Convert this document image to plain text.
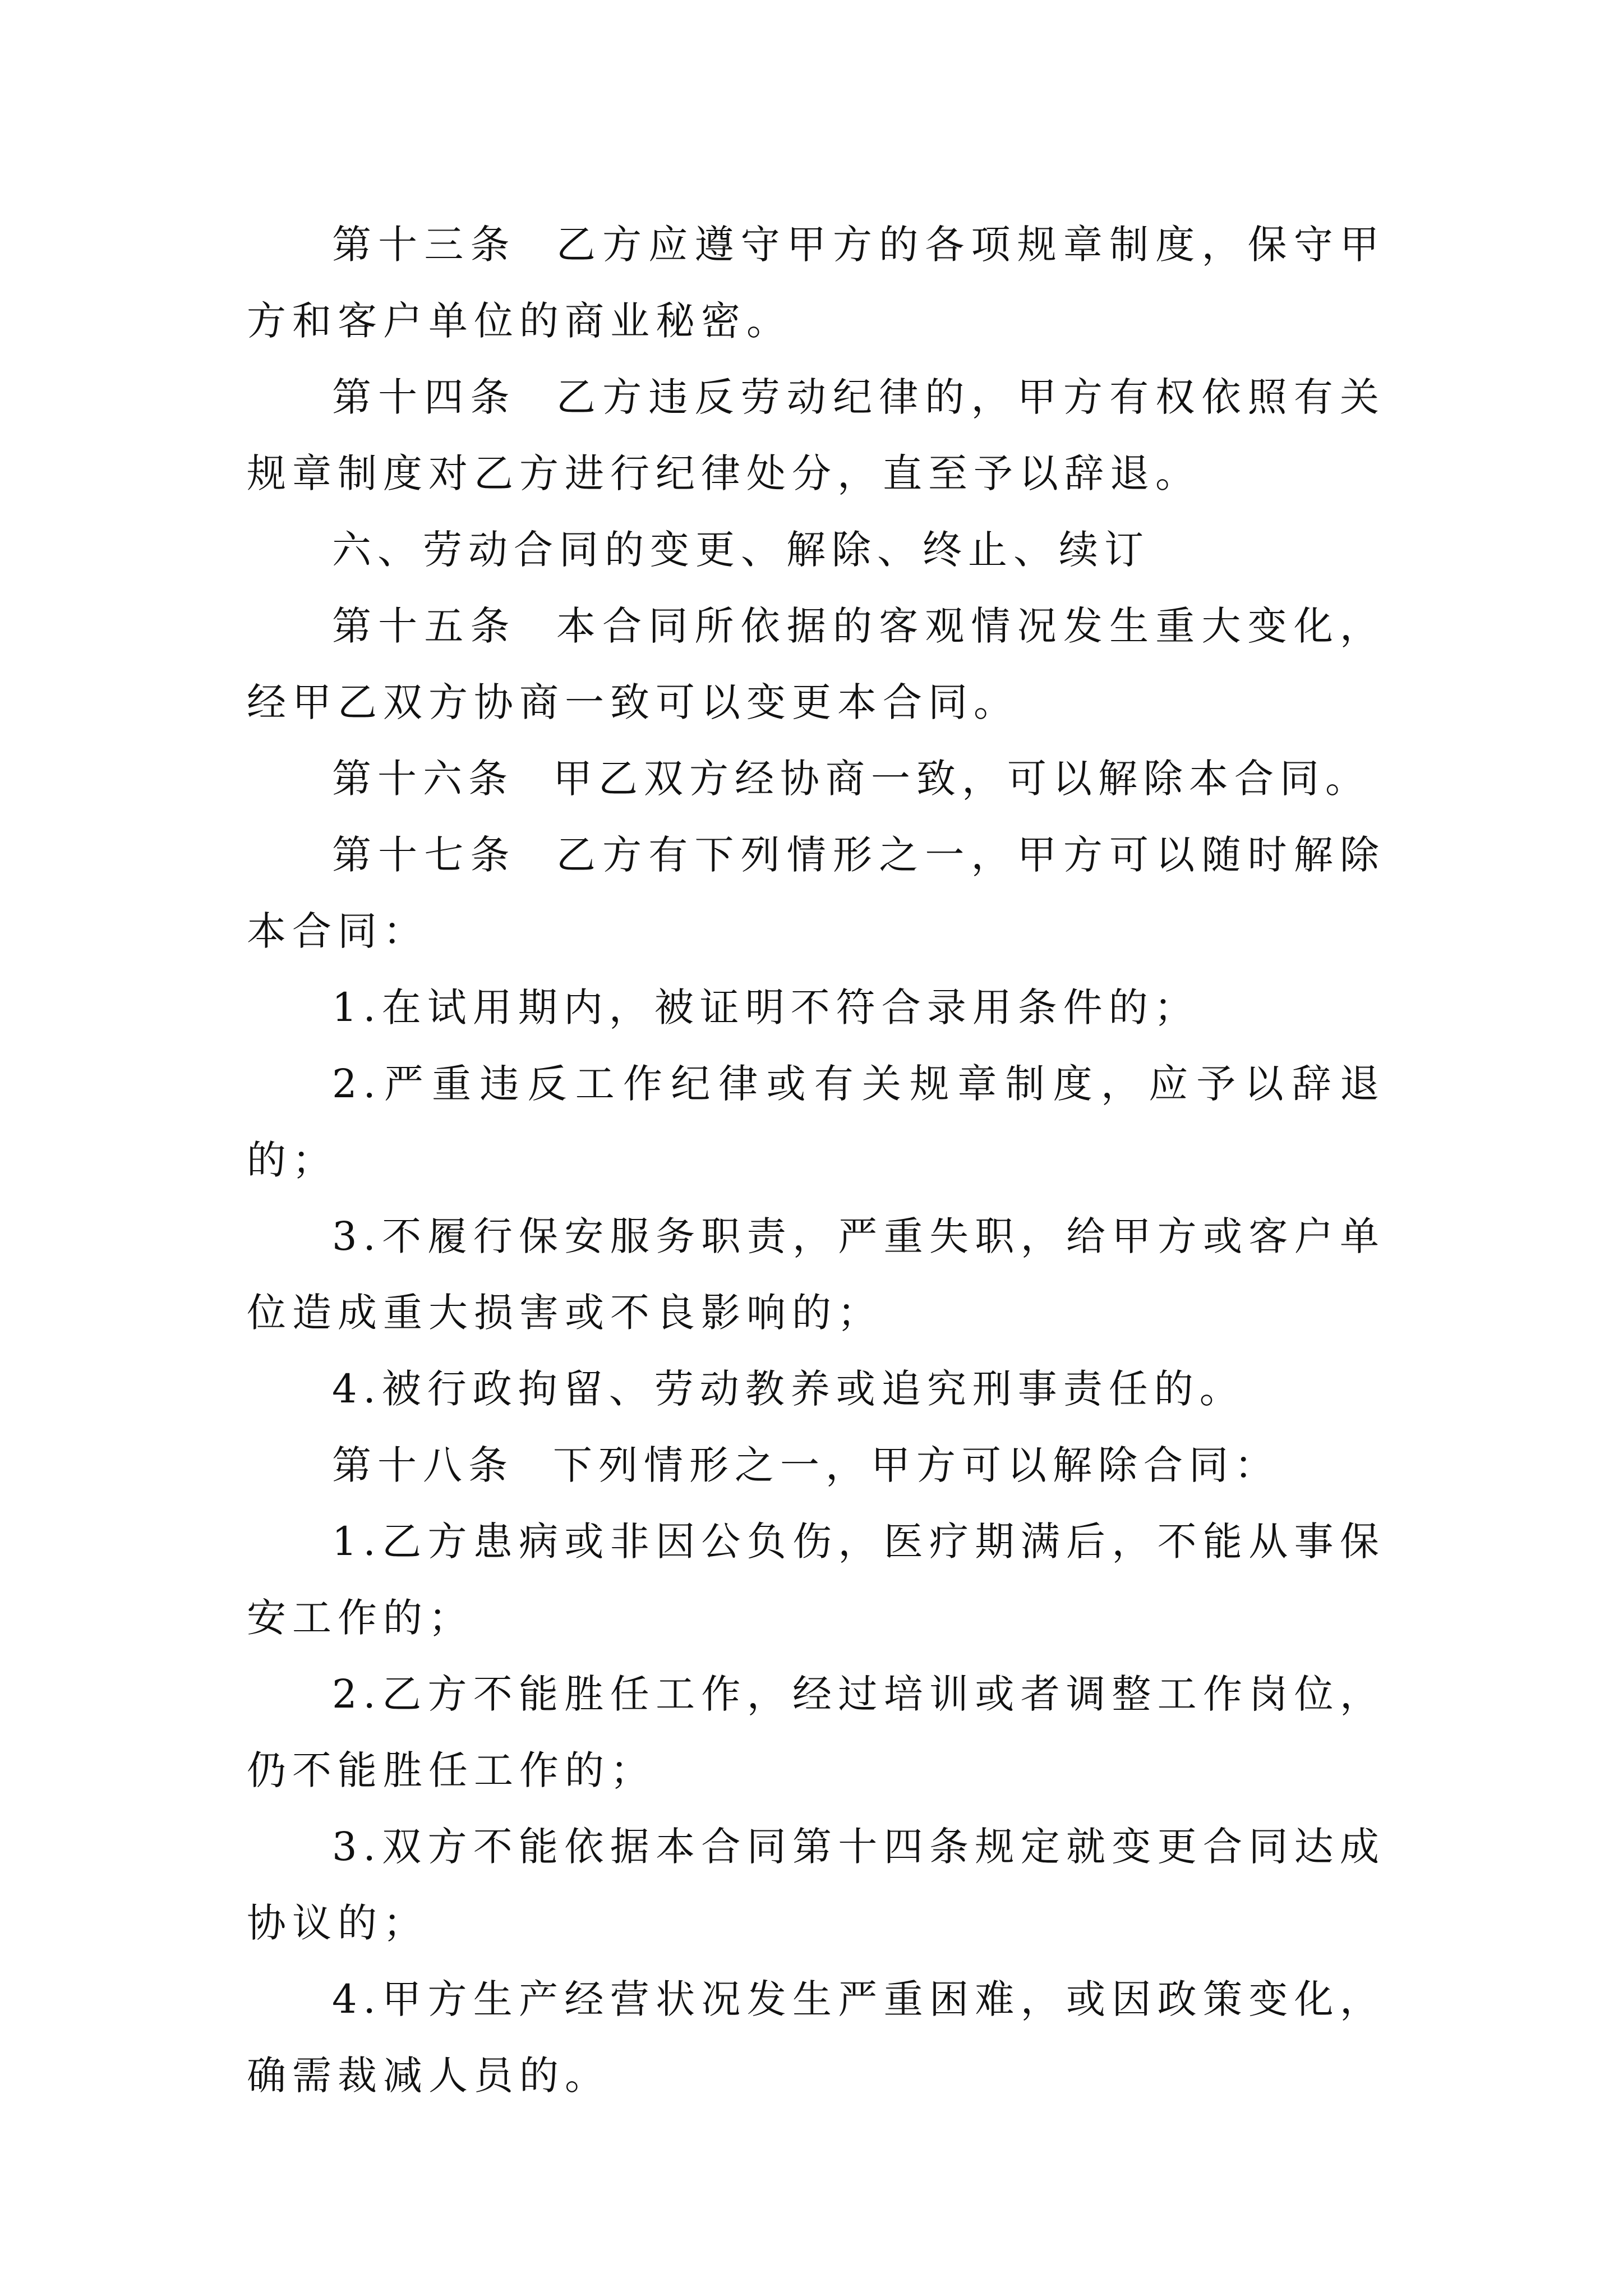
第十三条 乙方应遵守甲方的各项规章制度，保守甲方和客户单位的商业秘密。

第十四条 乙方违反劳动纪律的，甲方有权依照有关规章制度对乙方进行纪律处分，直至予以辞退。

六、劳动合同的变更、解除、终止、续订

第十五条 本合同所依据的客观情况发生重大变化，经甲乙双方协商一致可以变更本合同。

第十六条 甲乙双方经协商一致，可以解除本合同。

第十七条 乙方有下列情形之一，甲方可以随时解除本合同：

1.在试用期内，被证明不符合录用条件的；

2.严重违反工作纪律或有关规章制度，应予以辞退的；

3.不履行保安服务职责，严重失职，给甲方或客户单位造成重大损害或不良影响的；

4.被行政拘留、劳动教养或追究刑事责任的。

第十八条 下列情形之一，甲方可以解除合同：

1.乙方患病或非因公负伤，医疗期满后，不能从事保安工作的；

2.乙方不能胜任工作，经过培训或者调整工作岗位，仍不能胜任工作的；

3.双方不能依据本合同第十四条规定就变更合同达成协议的；

4.甲方生产经营状况发生严重困难，或因政策变化，确需裁减人员的。
